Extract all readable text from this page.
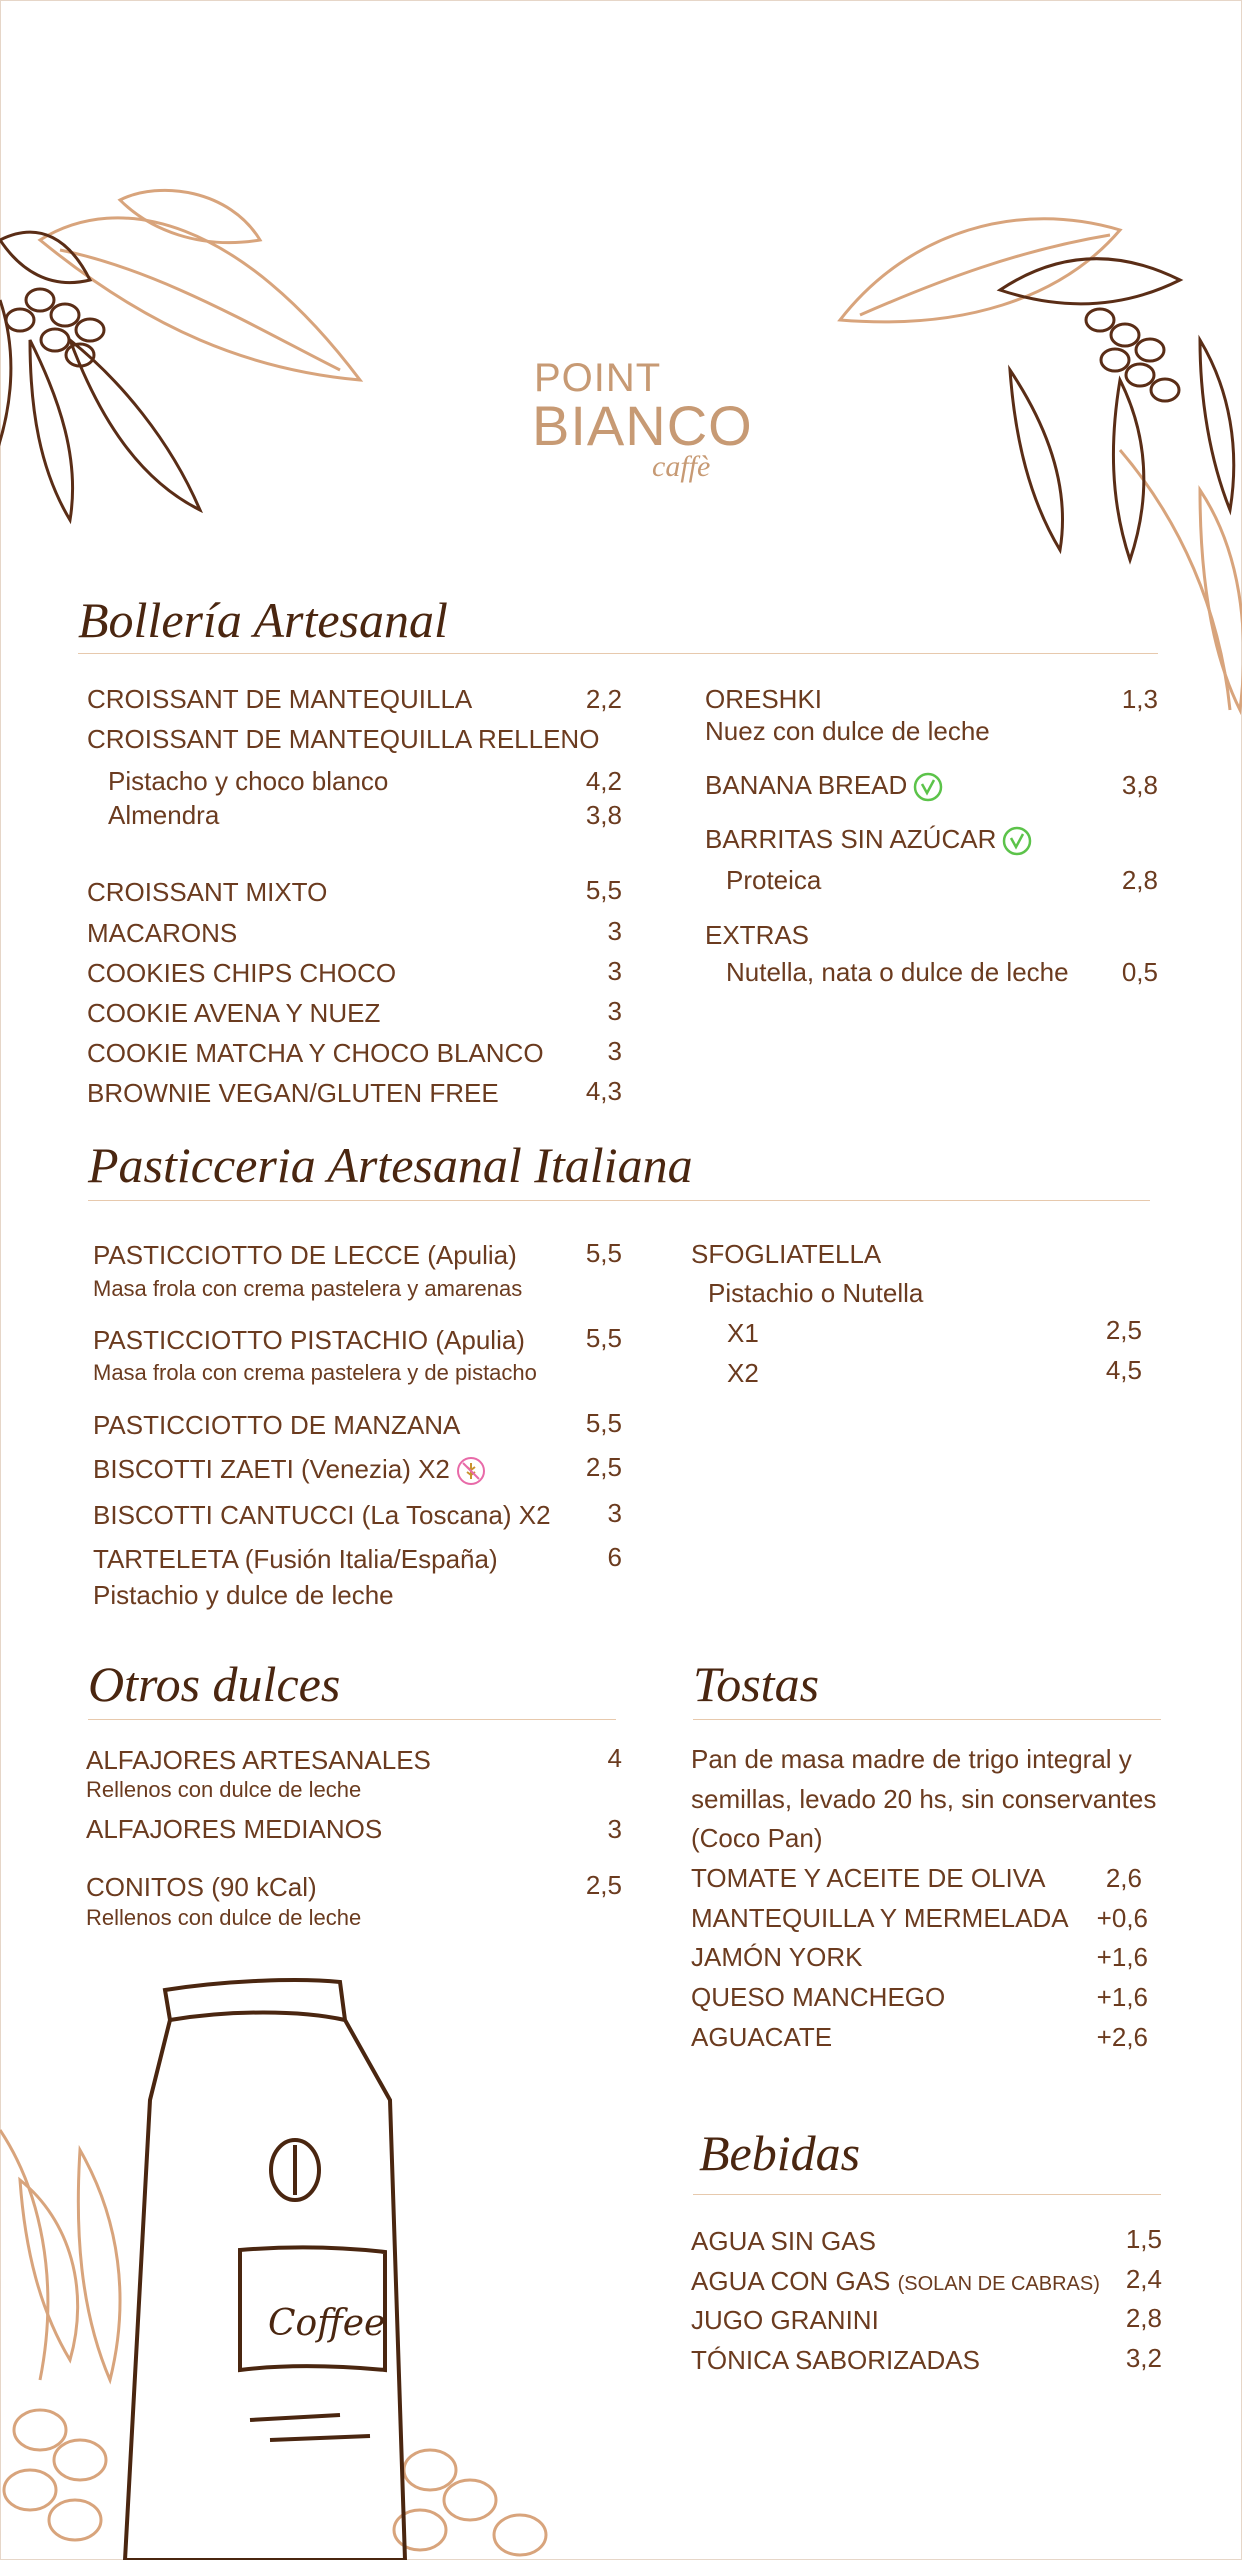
Coffee
POINT
BIANCO
caffè
Bollería Artesanal
CROISSANT DE MANTEQUILLA	2,2
CROISSANT DE MANTEQUILLA RELLENO
Pistacho y choco blanco	4,2
Almendra	3,8
CROISSANT MIXTO	5,5
MACARONS	3
COOKIES CHIPS CHOCO	3
COOKIE AVENA Y NUEZ	3
COOKIE MATCHA Y CHOCO BLANCO	3
BROWNIE VEGAN/GLUTEN FREE	4,3
ORESHKI	1,3
Nuez con dulce de leche
BANANA BREAD	3,8
BARRITAS SIN AZÚCAR
Proteica	2,8
EXTRAS
Nutella, nata o dulce de leche	0,5
Pasticceria Artesanal Italiana
PASTICCIOTTO DE LECCE (Apulia)	5,5
Masa frola con crema pastelera y amarenas
PASTICCIOTTO PISTACHIO (Apulia)	5,5
Masa frola con crema pastelera y de pistacho
PASTICCIOTTO DE MANZANA	5,5
BISCOTTI ZAETI (Venezia) X2	2,5
BISCOTTI CANTUCCI (La Toscana) X2	3
TARTELETA (Fusión Italia/España)	6
Pistachio y dulce de leche
SFOGLIATELLA
Pistachio o Nutella
X1	2,5
X2	4,5
Otros dulces
ALFAJORES ARTESANALES	4
Rellenos con dulce de leche
ALFAJORES MEDIANOS	3
CONITOS (90 kCal)	2,5
Rellenos con dulce de leche
Tostas
Pan de masa madre de trigo integral y
semillas, levado 20 hs, sin conservantes
(Coco Pan)
TOMATE Y ACEITE DE OLIVA	2,6
MANTEQUILLA Y MERMELADA	+0,6
JAMÓN YORK	+1,6
QUESO MANCHEGO	+1,6
AGUACATE	+2,6
Bebidas
AGUA SIN GAS	1,5
AGUA CON GAS (SOLAN DE CABRAS) 2,4
JUGO GRANINI	2,8
TÓNICA SABORIZADAS	3,2
